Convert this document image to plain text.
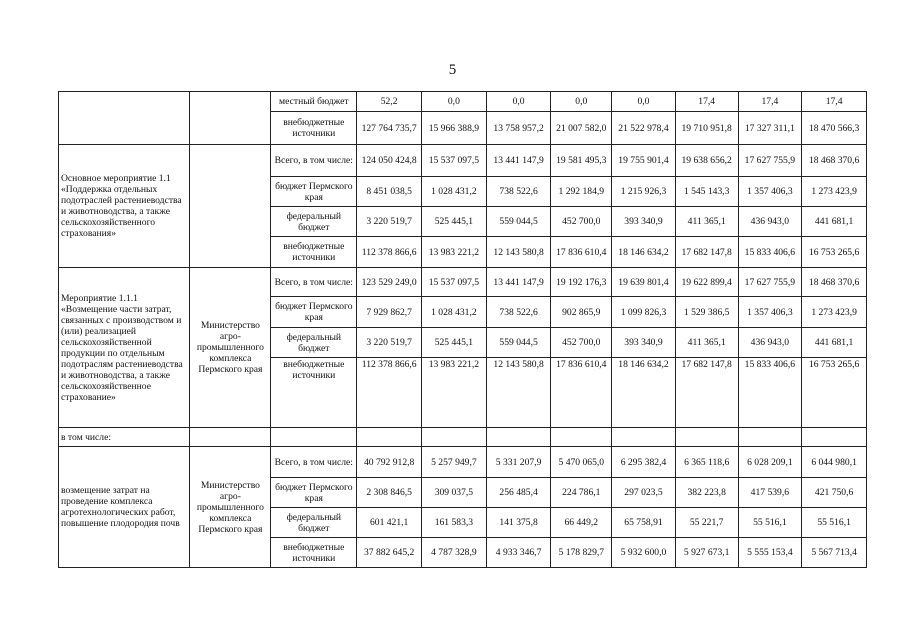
5
		местный бюджет	52,2	0,0	0,0	0,0	0,0	17,4	17,4	17,4
		внебюджетные источники	127 764 735,7	15 966 388,9	13 758 957,2	21 007 582,0	21 522 978,4	19 710 951,8	17 327 311,1	18 470 566,3
Основное мероприятие 1.1 «Поддержка отдельных подотраслей растениеводства и животноводства, а также сельскохозяйственного страхования»		Всего, в том числе:	124 050 424,8	15 537 097,5	13 441 147,9	19 581 495,3	19 755 901,4	19 638 656,2	17 627 755,9	18 468 370,6
		бюджет Пермского края	8 451 038,5	1 028 431,2	738 522,6	1 292 184,9	1 215 926,3	1 545 143,3	1 357 406,3	1 273 423,9
		федеральный бюджет	3 220 519,7	525 445,1	559 044,5	452 700,0	393 340,9	411 365,1	436 943,0	441 681,1
		внебюджетные источники	112 378 866,6	13 983 221,2	12 143 580,8	17 836 610,4	18 146 634,2	17 682 147,8	15 833 406,6	16 753 265,6
Мероприятие 1.1.1 «Возмещение части затрат, связанных с производством и (или) реализацией сельскохозяйственной продукции по отдельным подотраслям растениеводства и животноводства, а также сельскохозяйственное страхование»	Министерство агро-промышленного комплекса Пермского края	Всего, в том числе:	123 529 249,0	15 537 097,5	13 441 147,9	19 192 176,3	19 639 801,4	19 622 899,4	17 627 755,9	18 468 370,6
		бюджет Пермского края	7 929 862,7	1 028 431,2	738 522,6	902 865,9	1 099 826,3	1 529 386,5	1 357 406,3	1 273 423,9
		федеральный бюджет	3 220 519,7	525 445,1	559 044,5	452 700,0	393 340,9	411 365,1	436 943,0	441 681,1
		внебюджетные источники	112 378 866,6	13 983 221,2	12 143 580,8	17 836 610,4	18 146 634,2	17 682 147,8	15 833 406,6	16 753 265,6
в том числе:										
возмещение затрат на проведение комплекса агротехнологических работ, повышение плодородия почв	Министерство агро-промышленного комплекса Пермского края	Всего, в том числе:	40 792 912,8	5 257 949,7	5 331 207,9	5 470 065,0	6 295 382,4	6 365 118,6	6 028 209,1	6 044 980,1
		бюджет Пермского края	2 308 846,5	309 037,5	256 485,4	224 786,1	297 023,5	382 223,8	417 539,6	421 750,6
		федеральный бюджет	601 421,1	161 583,3	141 375,8	66 449,2	65 758,91	55 221,7	55 516,1	55 516,1
		внебюджетные источники	37 882 645,2	4 787 328,9	4 933 346,7	5 178 829,7	5 932 600,0	5 927 673,1	5 555 153,4	5 567 713,4
